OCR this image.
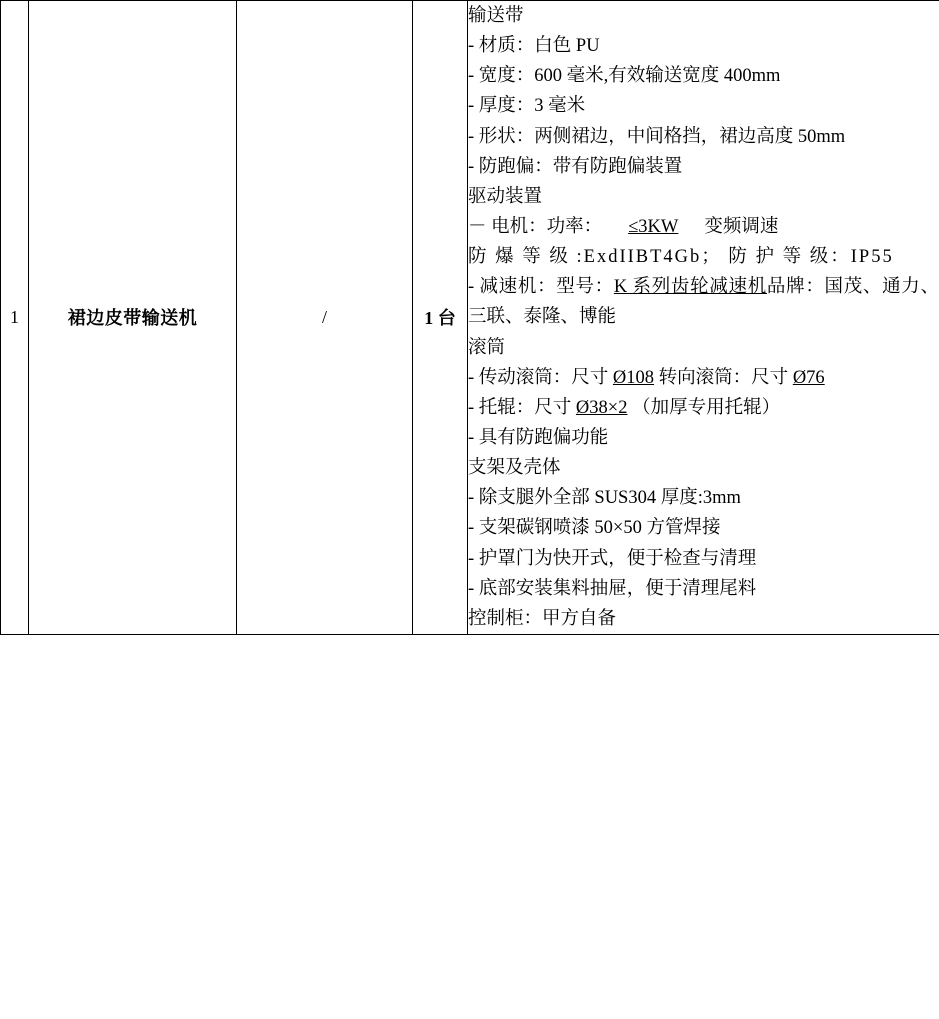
1	裙边皮带输送机	/	1 台	
输送带
- 材质：白色 PU
- 宽度：600 毫米,有效输送宽度 400mm
- 厚度：3 毫米
- 形状：两侧裙边，中间格挡，裙边高度 50mm
- 防跑偏：带有防跑偏装置
驱动装置
－ 电机：功率： ≤3KW 变频调速
防 爆 等 级 :ExdIIBT4Gb； 防 护 等 级：IP55
- 减速机：型号：K 系列齿轮减速机品牌：国茂、通力、三联、泰隆、博能
滚筒
- 传动滚筒：尺寸 Ø108 转向滚筒：尺寸 Ø76
- 托辊：尺寸 Ø38×2 （加厚专用托辊）
- 具有防跑偏功能
支架及壳体
- 除支腿外全部 SUS304 厚度:3mm
- 支架碳钢喷漆 50×50 方管焊接
- 护罩门为快开式，便于检查与清理
- 底部安装集料抽屉，便于清理尾料
控制柜：甲方自备
